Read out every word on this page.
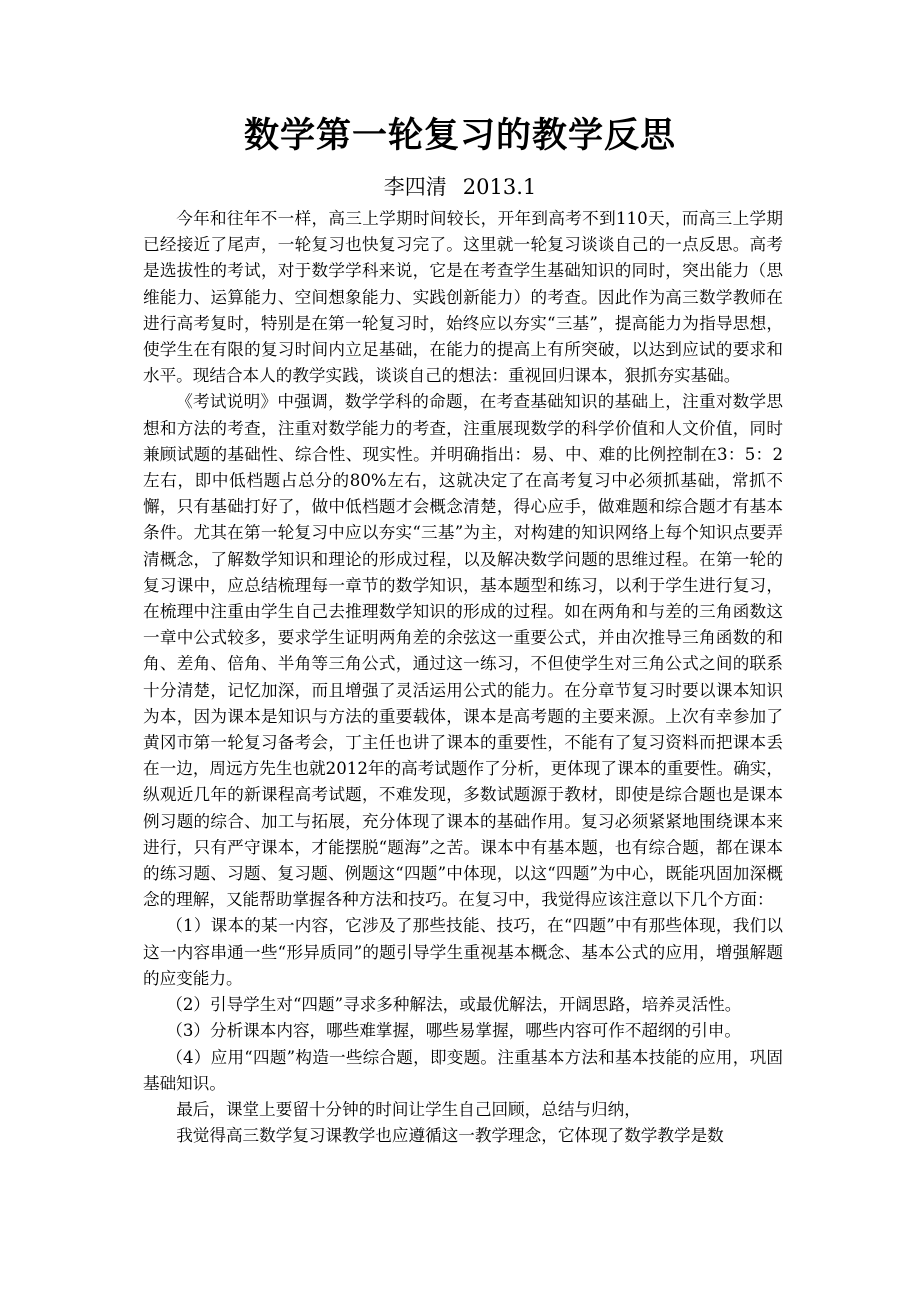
数学第一轮复习的教学反思
李四清 2013.1

今年和往年不一样，高三上学期时间较长，开年到高考不到110天，而高三上学期已经接近了尾声，一轮复习也快复习完了。这里就一轮复习谈谈自己的一点反思。高考是选拔性的考试，对于数学学科来说，它是在考查学生基础知识的同时，突出能力（思维能力、运算能力、空间想象能力、实践创新能力）的考查。因此作为高三数学教师在进行高考复时，特别是在第一轮复习时，始终应以夯实“三基”，提高能力为指导思想，使学生在有限的复习时间内立足基础，在能力的提高上有所突破，以达到应试的要求和水平。现结合本人的教学实践，谈谈自己的想法：重视回归课本，狠抓夯实基础。

《考试说明》中强调，数学学科的命题，在考查基础知识的基础上，注重对数学思想和方法的考查，注重对数学能力的考查，注重展现数学的科学价值和人文价值，同时兼顾试题的基础性、综合性、现实性。并明确指出：易、中、难的比例控制在3：5：2左右，即中低档题占总分的80%左右，这就决定了在高考复习中必须抓基础，常抓不懈，只有基础打好了，做中低档题才会概念清楚，得心应手，做难题和综合题才有基本条件。尤其在第一轮复习中应以夯实“三基”为主，对构建的知识网络上每个知识点要弄清概念，了解数学知识和理论的形成过程，以及解决数学问题的思维过程。在第一轮的复习课中，应总结梳理每一章节的数学知识，基本题型和练习，以利于学生进行复习，在梳理中注重由学生自己去推理数学知识的形成的过程。如在两角和与差的三角函数这一章中公式较多，要求学生证明两角差的余弦这一重要公式，并由次推导三角函数的和角、差角、倍角、半角等三角公式，通过这一练习，不但使学生对三角公式之间的联系十分清楚，记忆加深，而且增强了灵活运用公式的能力。在分章节复习时要以课本知识为本，因为课本是知识与方法的重要载体，课本是高考题的主要来源。上次有幸参加了黄冈市第一轮复习备考会，丁主任也讲了课本的重要性，不能有了复习资料而把课本丢在一边，周远方先生也就2012年的高考试题作了分析，更体现了课本的重要性。确实，纵观近几年的新课程高考试题，不难发现，多数试题源于教材，即使是综合题也是课本例习题的综合、加工与拓展，充分体现了课本的基础作用。复习必须紧紧地围绕课本来进行，只有严守课本，才能摆脱“题海”之苦。课本中有基本题，也有综合题，都在课本的练习题、习题、复习题、例题这“四题”中体现，以这“四题”为中心，既能巩固加深概念的理解，又能帮助掌握各种方法和技巧。在复习中，我觉得应该注意以下几个方面：

（1）课本的某一内容，它涉及了那些技能、技巧，在“四题”中有那些体现，我们以这一内容串通一些“形异质同”的题引导学生重视基本概念、基本公式的应用，增强解题的应变能力。

（2）引导学生对“四题”寻求多种解法，或最优解法，开阔思路，培养灵活性。

（3）分析课本内容，哪些难掌握，哪些易掌握，哪些内容可作不超纲的引申。

（4）应用“四题”构造一些综合题，即变题。注重基本方法和基本技能的应用，巩固基础知识。

最后，课堂上要留十分钟的时间让学生自己回顾，总结与归纳，

我觉得高三数学复习课教学也应遵循这一教学理念，它体现了数学教学是数
